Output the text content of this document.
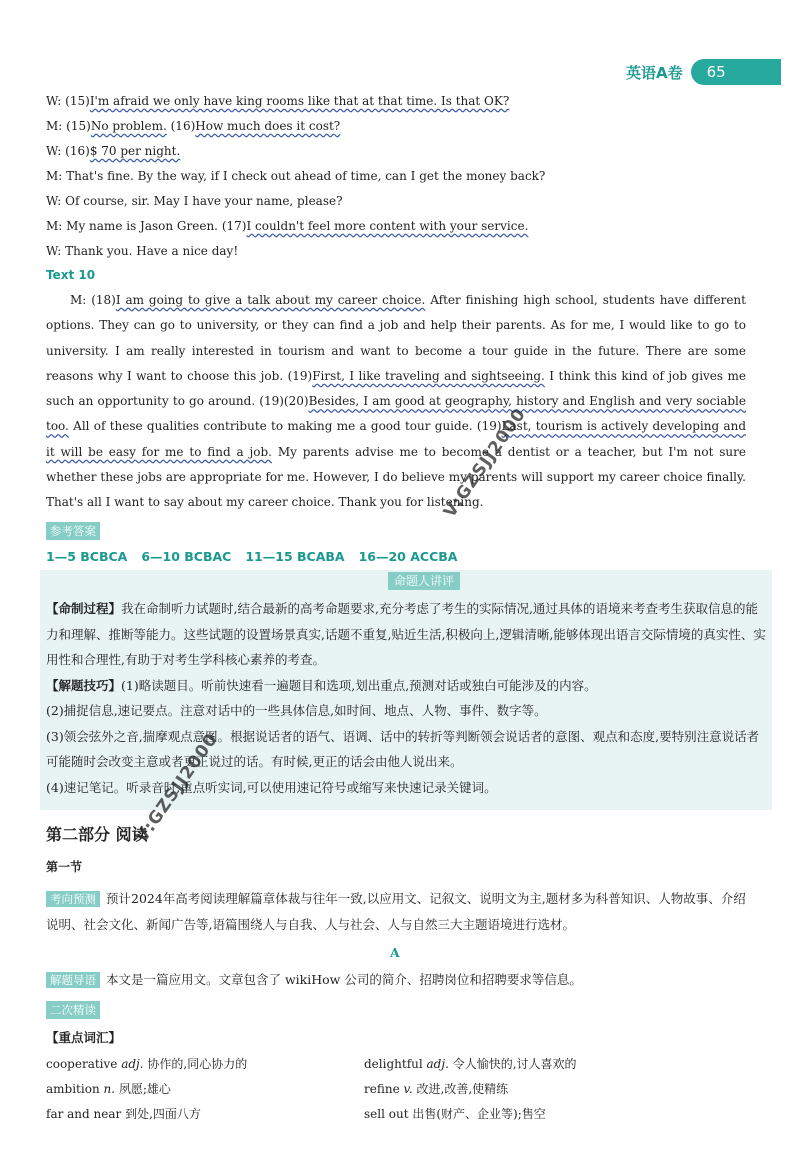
英语A卷	65
W: (15)I'm afraid we only have king rooms like that at that time. Is that OK?
M: (15)No problem. (16)How much does it cost?
W: (16)$ 70 per night.
M: That's fine. By the way, if I check out ahead of time, can I get the money back?
W: Of course, sir. May I have your name, please?
M: My name is Jason Green. (17)I couldn't feel more content with your service.
W: Thank you. Have a nice day!
Text 10
M: (18)I am going to give a talk about my career choice. After finishing high school, students have different options. They can go to university, or they can find a job and help their parents. As for me, I would like to go to university. I am really interested in tourism and want to become a tour guide in the future. There are some reasons why I want to choose this job. (19)First, I like traveling and sightseeing. I think this kind of job gives me such an opportunity to go around. (19)(20)Besides, I am good at geography, history and English and very sociable too. All of these qualities contribute to making me a good tour guide. (19)Last, tourism is actively developing and it will be easy for me to find a job. My parents advise me to become a dentist or a teacher, but I'm not sure whether these jobs are appropriate for me. However, I do believe my parents will support my career choice finally. That's all I want to say about my career choice. Thank you for listening.
参考答案
1—5 BCBCA 6—10 BCBAC 11—15 BCABA 16—20 ACCBA
命题人讲评

【命制过程】我在命制听力试题时,结合最新的高考命题要求,充分考虑了考生的实际情况,通过具体的语境来考查考生获取信息的能力和理解、推断等能力。这些试题的设置场景真实,话题不重复,贴近生活,积极向上,逻辑清晰,能够体现出语言交际情境的真实性、实用性和合理性,有助于对考生学科核心素养的考查。

【解题技巧】(1)略读题目。听前快速看一遍题目和选项,划出重点,预测对话或独白可能涉及的内容。

(2)捕捉信息,速记要点。注意对话中的一些具体信息,如时间、地点、人物、事件、数字等。

(3)领会弦外之音,揣摩观点意图。根据说话者的语气、语调、话中的转折等判断领会说话者的意图、观点和态度,要特别注意说话者可能随时会改变主意或者更正说过的话。有时候,更正的话会由他人说出来。

(4)速记笔记。听录音时,重点听实词,可以使用速记符号或缩写来快速记录关键词。

第二部分 阅读
第一节
考向预测 预计2024年高考阅读理解篇章体裁与往年一致,以应用文、记叙文、说明文为主,题材多为科普知识、人物故事、介绍说明、社会文化、新闻广告等,语篇围绕人与自我、人与社会、人与自然三大主题语境进行选材。
A
解题导语 本文是一篇应用文。文章包含了 wikiHow 公司的简介、招聘岗位和招聘要求等信息。
二次精读
【重点词汇】
cooperative adj. 协作的,同心协力的	delightful adj. 令人愉快的,讨人喜欢的
ambition n. 夙愿;雄心	refine v. 改进,改善,使精练
far and near 到处,四面八方	sell out 出售(财产、企业等);售空
V:GZSJJ2000
V:GZSJJ2000
